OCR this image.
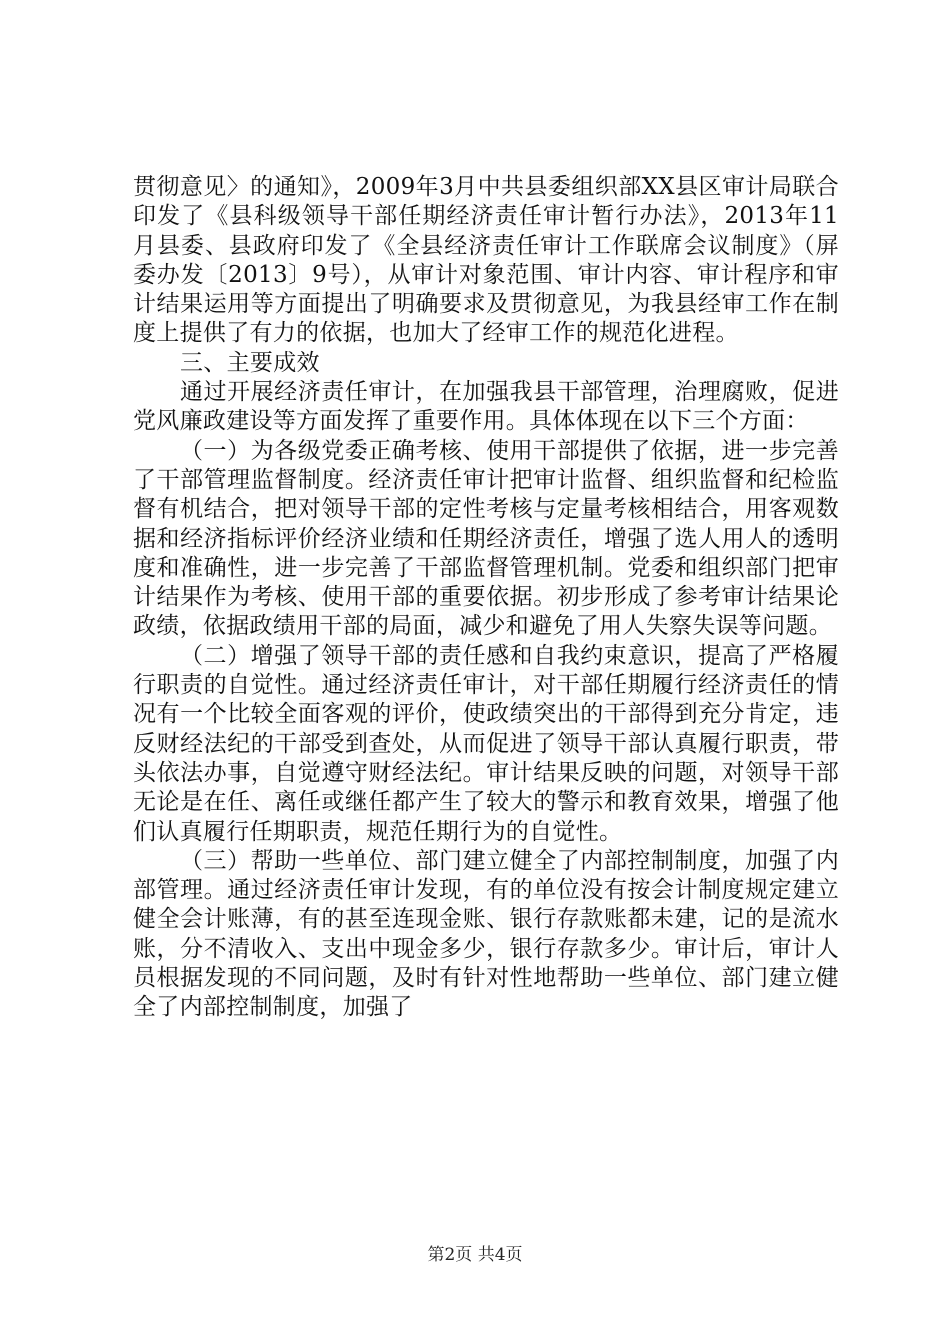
贯彻意见〉的通知》，2009年3月中共县委组织部XX县区审计局联合印发了《县科级领导干部任期经济责任审计暂行办法》，2013年11月县委、县政府印发了《全县经济责任审计工作联席会议制度》（屏委办发〔2013〕9号），从审计对象范围、审计内容、审计程序和审计结果运用等方面提出了明确要求及贯彻意见，为我县经审工作在制度上提供了有力的依据，也加大了经审工作的规范化进程。

三、主要成效

通过开展经济责任审计，在加强我县干部管理，治理腐败，促进党风廉政建设等方面发挥了重要作用。具体体现在以下三个方面：

（一）为各级党委正确考核、使用干部提供了依据，进一步完善了干部管理监督制度。经济责任审计把审计监督、组织监督和纪检监督有机结合，把对领导干部的定性考核与定量考核相结合，用客观数据和经济指标评价经济业绩和任期经济责任，增强了选人用人的透明度和准确性，进一步完善了干部监督管理机制。党委和组织部门把审计结果作为考核、使用干部的重要依据。初步形成了参考审计结果论政绩，依据政绩用干部的局面，减少和避免了用人失察失误等问题。

（二）增强了领导干部的责任感和自我约束意识，提高了严格履行职责的自觉性。通过经济责任审计，对干部任期履行经济责任的情况有一个比较全面客观的评价，使政绩突出的干部得到充分肯定，违反财经法纪的干部受到查处，从而促进了领导干部认真履行职责，带头依法办事，自觉遵守财经法纪。审计结果反映的问题，对领导干部无论是在任、离任或继任都产生了较大的警示和教育效果，增强了他们认真履行任期职责，规范任期行为的自觉性。

（三）帮助一些单位、部门建立健全了内部控制制度，加强了内部管理。通过经济责任审计发现，有的单位没有按会计制度规定建立健全会计账薄，有的甚至连现金账、银行存款账都未建，记的是流水账，分不清收入、支出中现金多少，银行存款多少。审计后，审计人员根据发现的不同问题，及时有针对性地帮助一些单位、部门建立健全了内部控制制度，加强了

第2页 共4页
